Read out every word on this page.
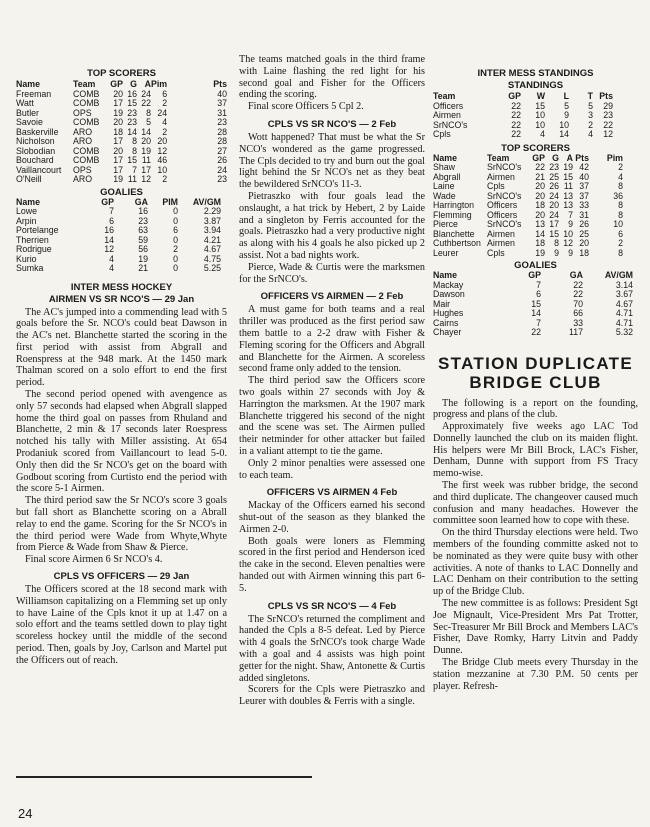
TOP SCORERS
Name	Team	GP	G	A	Pim	Pts
Freeman	COMB	20	16	24	6	40
Watt	COMB	17	15	22	2	37
Butler	OPS	19	23	8	24	31
Savoie	COMB	20	23	5	4	23
Baskerville	ARO	18	14	14	2	28
Nicholson	ARO	17	8	20	20	28
Slobodian	COMB	20	8	19	12	27
Bouchard	COMB	17	15	11	46	26
Vaillancourt	OPS	17	7	17	10	24
O'Neill	ARO	19	11	12	2	23
GOALIES
Name	GP	GA	PIM	AV/GM
Lowe	7	16	0	2.29
Arpin	6	23	0	3.87
Portelange	16	63	6	3.94
Therrien	14	59	0	4.21
Rodrigue	12	56	2	4.67
Kurio	4	19	0	4.75
Sumka	4	21	0	5.25
INTER MESS HOCKEY
AIRMEN VS SR NCO'S — 29 Jan

The AC's jumped into a commending lead with 5 goals before the Sr. NCO's could beat Dawson in the AC's net. Blanchette started the scoring in the first period with assist from Abgrall and Roenspress at the 948 mark. At the 1450 mark Thalman scored on a solo effort to end the first period.

The second period opened with avengence as only 57 seconds had elapsed when Abgrall slapped home the third goal on passes from Rhuland and Blanchette, 2 min & 17 seconds later Roespress notched his tally with Miller assisting. At 654 Prodaniuk scored from Vaillancourt to lead 5-0. Only then did the Sr NCO's get on the board with Godbout scoring from Curtisto end the period with the score 5-1 Airmen.

The third period saw the Sr NCO's score 3 goals but fall short as Blanchette scoring on a Abrall relay to end the game. Scoring for the Sr NCO's in the third period were Wade from Whyte,Whyte from Pierce & Wade from Shaw & Pierce.

Final score Airmen 6 Sr NCO's 4.

CPLS VS OFFICERS — 29 Jan

The Officers scored at the 18 second mark with Williamson capitalizing on a Flemming set up only to have Laine of the Cpls knot it up at 1.47 on a solo effort and the teams settled down to play tight scoreless hockey until the middle of the second period. Then, goals by Joy, Carlson and Martel put the Officers out of reach.

The teams matched goals in the third frame with Laine flashing the red light for his second goal and Fisher for the Officers ending the scoring.

Final score Officers 5 Cpl 2.

CPLS VS SR NCO'S — 2 Feb

Wott happened? That must be what the Sr NCO's wondered as the game progressed. The Cpls decided to try and burn out the goal light behind the Sr NCO's net as they beat the bewildered SrNCO's 11-3.

Pietraszko with four goals lead the onslaught, a hat trick by Hebert, 2 by Laide and a singleton by Ferris accounted for the goals. Pietraszko had a very productive night as along with his 4 goals he also picked up 2 assist. Not a bad nights work.

Pierce, Wade & Curtis were the marksmen for the SrNCO's.

OFFICERS VS AIRMEN — 2 Feb

A must game for both teams and a real thriller was produced as the first period saw them battle to a 2-2 draw with Fisher & Fleming scoring for the Officers and Abgrall and Blanchette for the Airmen. A scoreless second frame only added to the tension.

The third period saw the Officers score two goals within 27 seconds with Joy & Harrington the marksmen. At the 1907 mark Blanchette triggered his second of the night and the scene was set. The Airmen pulled their netminder for other attacker but failed in a valiant attempt to tie the game.

Only 2 minor penalties were assessed one to each team.

OFFICERS VS AIRMEN 4 Feb

Mackay of the Officers earned his second shut-out of the season as they blanked the Airmen 2-0.

Both goals were loners as Flemming scored in the first period and Henderson iced the cake in the second. Eleven penalties were handed out with Airmen winning this part 6-5.

CPLS VS SR NCO'S — 4 Feb

The SrNCO's returned the compliment and handed the Cpls a 8-5 defeat. Led by Pierce with 4 goals the SrNCO's took charge Wade with a goal and 4 assists was high point getter for the night. Shaw, Antonette & Curtis added singletons.

Scorers for the Cpls were Pietraszko and Leurer with doubles & Ferris with a single.

INTER MESS STANDINGS
STANDINGS
Team	GP	W	L	T	Pts
Officers	22	15	5	5	29
Airmen	22	10	9	3	23
SrNCO's	22	10	10	2	22
Cpls	22	4	14	4	12
TOP SCORERS
Name	Team	GP	G	A	Pts	Pim
Shaw	SrNCO's	22	23	19	42	2
Abgrall	Airmen	21	25	15	40	4
Laine	Cpls	20	26	11	37	8
Wade	SrNCO's	20	24	13	37	36
Harrington	Officers	18	20	13	33	8
Flemming	Officers	20	24	7	31	8
Pierce	SrNCO's	13	17	9	26	10
Blanchette	Airmen	14	15	10	25	6
Cuthbertson	Airmen	18	8	12	20	2
Leurer	Cpls	19	9	9	18	8
GOALIES
Name	GP	GA	AV/GM
Mackay	7	22	3.14
Dawson	6	22	3.67
Mair	15	70	4.67
Hughes	14	66	4.71
Cairns	7	33	4.71
Chayer	22	117	5.32
STATION DUPLICATE
BRIDGE CLUB

The following is a report on the founding, progress and plans of the club.

Approximately five weeks ago LAC Tod Donnelly launched the club on its maiden flight. His helpers were Mr Bill Brock, LAC's Fisher, Denham, Dunne with support from FS Tracy memo-wise.

The first week was rubber bridge, the second and third duplicate. The changeover caused much confusion and many headaches. However the committee soon learned how to cope with these.

On the third Thursday elections were held. Two members of the founding committe asked not to be nominated as they were quite busy with other activities. A note of thanks to LAC Donnelly and LAC Denham on their contribution to the setting up of the Bridge Club.

The new committee is as follows: President Sgt Joe Mignault, Vice-President Mrs Pat Trotter, Sec-Treasurer Mr Bill Brock and Members LAC's Fisher, Dave Romky, Harry Litvin and Paddy Dunne.

The Bridge Club meets every Thursday in the station mezzanine at 7.30 P.M. 50 cents per player. Refresh-

24
